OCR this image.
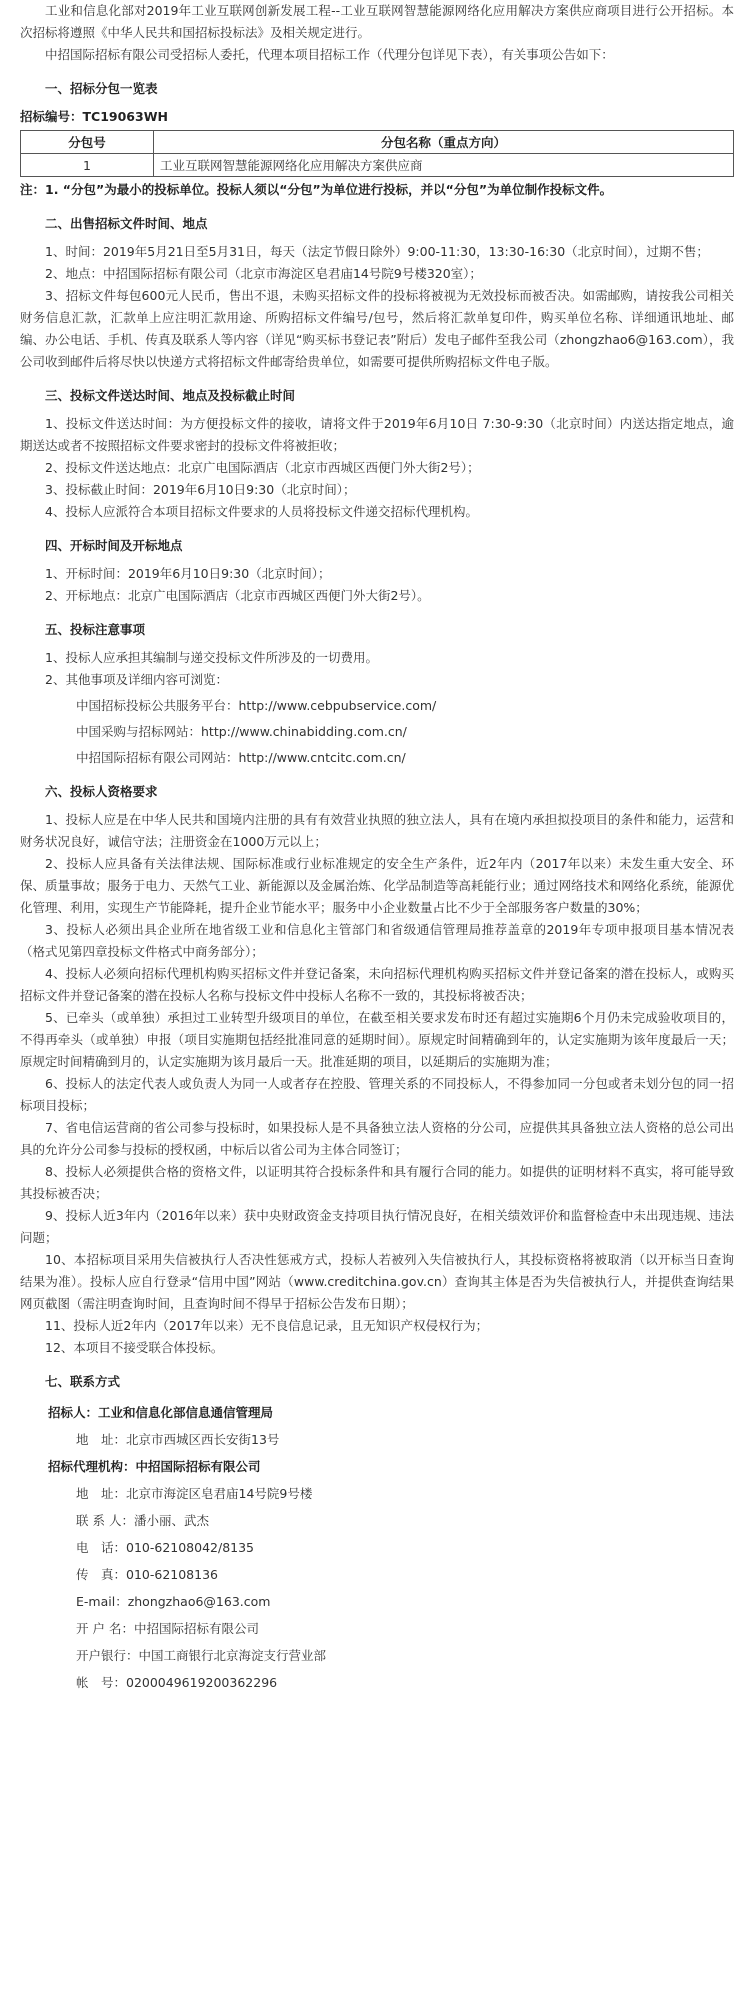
工业和信息化部对2019年工业互联网创新发展工程--工业互联网智慧能源网络化应用解决方案供应商项目进行公开招标。本次招标将遵照《中华人民共和国招标投标法》及相关规定进行。

中招国际招标有限公司受招标人委托，代理本项目招标工作（代理分包详见下表），有关事项公告如下：

一、招标分包一览表

招标编号：TC19063WH

分包号	分包名称（重点方向）
1	工业互联网智慧能源网络化应用解决方案供应商

注：1. “分包”为最小的投标单位。投标人须以“分包”为单位进行投标，并以“分包”为单位制作投标文件。

二、出售招标文件时间、地点

1、时间：2019年5月21日至5月31日，每天（法定节假日除外）9:00-11:30，13:30-16:30（北京时间），过期不售；

2、地点：中招国际招标有限公司（北京市海淀区皂君庙14号院9号楼320室）；

3、招标文件每包600元人民币，售出不退，未购买招标文件的投标将被视为无效投标而被否决。如需邮购，请按我公司相关财务信息汇款，汇款单上应注明汇款用途、所购招标文件编号/包号，然后将汇款单复印件，购买单位名称、详细通讯地址、邮编、办公电话、手机、传真及联系人等内容（详见“购买标书登记表”附后）发电子邮件至我公司（zhongzhao6@163.com），我公司收到邮件后将尽快以快递方式将招标文件邮寄给贵单位，如需要可提供所购招标文件电子版。

三、投标文件送达时间、地点及投标截止时间

1、投标文件送达时间：为方便投标文件的接收，请将文件于2019年6月10日 7:30-9:30（北京时间）内送达指定地点，逾期送达或者不按照招标文件要求密封的投标文件将被拒收；

2、投标文件送达地点：北京广电国际酒店（北京市西城区西便门外大街2号）；

3、投标截止时间：2019年6月10日9:30（北京时间）；

4、投标人应派符合本项目招标文件要求的人员将投标文件递交招标代理机构。

四、开标时间及开标地点

1、开标时间：2019年6月10日9:30（北京时间）；

2、开标地点：北京广电国际酒店（北京市西城区西便门外大街2号）。

五、投标注意事项

1、投标人应承担其编制与递交投标文件所涉及的一切费用。

2、其他事项及详细内容可浏览：

中国招标投标公共服务平台：http://www.cebpubservice.com/

中国采购与招标网站：http://www.chinabidding.com.cn/

中招国际招标有限公司网站：http://www.cntcitc.com.cn/

六、投标人资格要求

1、投标人应是在中华人民共和国境内注册的具有有效营业执照的独立法人，具有在境内承担拟投项目的条件和能力，运营和财务状况良好，诚信守法；注册资金在1000万元以上；

2、投标人应具备有关法律法规、国际标准或行业标准规定的安全生产条件，近2年内（2017年以来）未发生重大安全、环保、质量事故；服务于电力、天然气工业、新能源以及金属治炼、化学品制造等高耗能行业；通过网络技术和网络化系统，能源优化管理、利用，实现生产节能降耗，提升企业节能水平；服务中小企业数量占比不少于全部服务客户数量的30%；

3、投标人必须出具企业所在地省级工业和信息化主管部门和省级通信管理局推荐盖章的2019年专项申报项目基本情况表（格式见第四章投标文件格式中商务部分）；

4、投标人必须向招标代理机构购买招标文件并登记备案，未向招标代理机构购买招标文件并登记备案的潜在投标人，或购买招标文件并登记备案的潜在投标人名称与投标文件中投标人名称不一致的，其投标将被否决；

5、已牵头（或单独）承担过工业转型升级项目的单位，在截至相关要求发布时还有超过实施期6个月仍未完成验收项目的，不得再牵头（或单独）申报（项目实施期包括经批准同意的延期时间）。原规定时间精确到年的，认定实施期为该年度最后一天；原规定时间精确到月的，认定实施期为该月最后一天。批准延期的项目，以延期后的实施期为准；

6、投标人的法定代表人或负责人为同一人或者存在控股、管理关系的不同投标人，不得参加同一分包或者未划分包的同一招标项目投标；

7、省电信运营商的省公司参与投标时，如果投标人是不具备独立法人资格的分公司，应提供其具备独立法人资格的总公司出具的允许分公司参与投标的授权函，中标后以省公司为主体合同签订；

8、投标人必须提供合格的资格文件，以证明其符合投标条件和具有履行合同的能力。如提供的证明材料不真实，将可能导致其投标被否决；

9、投标人近3年内（2016年以来）获中央财政资金支持项目执行情况良好，在相关绩效评价和监督检查中未出现违规、违法问题；

10、本招标项目采用失信被执行人否决性惩戒方式，投标人若被列入失信被执行人，其投标资格将被取消（以开标当日查询结果为准）。投标人应自行登录“信用中国”网站（www.creditchina.gov.cn）查询其主体是否为失信被执行人，并提供查询结果网页截图（需注明查询时间，且查询时间不得早于招标公告发布日期）；

11、投标人近2年内（2017年以来）无不良信息记录，且无知识产权侵权行为；

12、本项目不接受联合体投标。

七、联系方式

招标人：工业和信息化部信息通信管理局

地　址：北京市西城区西长安街13号

招标代理机构：中招国际招标有限公司

地　址：北京市海淀区皂君庙14号院9号楼

联 系 人：潘小丽、武杰

电　话：010-62108042/8135

传　真：010-62108136

E-mail：zhongzhao6@163.com

开 户 名：中招国际招标有限公司

开户银行：中国工商银行北京海淀支行营业部

帐　号：0200049619200362296
